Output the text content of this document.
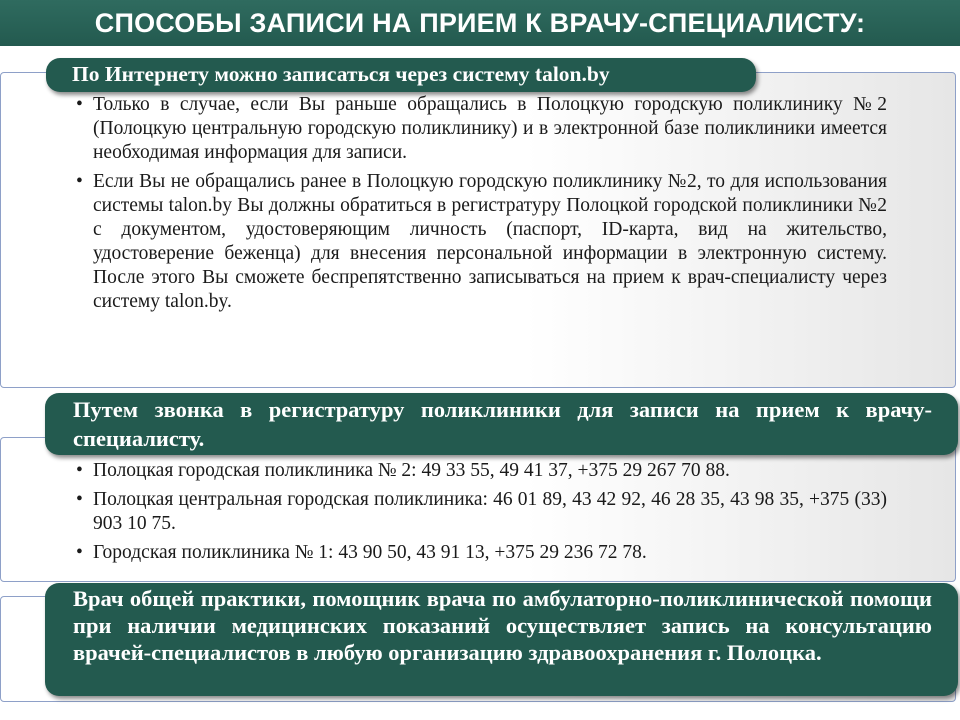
СПОСОБЫ ЗАПИСИ НА ПРИЕМ К ВРАЧУ-СПЕЦИАЛИСТУ:
По Интернету можно записаться через систему talon.by
• Только в случае, если Вы раньше обращались в Полоцкую городскую поликлинику №2 (Полоцкую центральную городскую поликлинику) и в электронной базе поликлиники имеется необходимая информация для записи.
• Если Вы не обращались ранее в Полоцкую городскую поликлинику №2, то для использования системы talon.by Вы должны обратиться в регистратуру Полоцкой городской поликлиники №2 с документом, удостоверяющим личность (паспорт, ID-карта, вид на жительство, удостоверение беженца) для внесения персональной информации в электронную систему. После этого Вы сможете беспрепятственно записываться на прием к врач-специалисту через систему talon.by.
Путем звонка в регистратуру поликлиники для записи на прием к врачу-специалисту.
• Полоцкая городская поликлиника № 2: 49 33 55, 49 41 37, +375 29 267 70 88.
• Полоцкая центральная городская поликлиника: 46 01 89, 43 42 92, 46 28 35, 43 98 35, +375 (33) 903 10 75.
• Городская поликлиника № 1: 43 90 50, 43 91 13, +375 29 236 72 78.
Врач общей практики, помощник врача по амбулаторно-поликлинической помощи при наличии медицинских показаний осуществляет запись на консультацию врачей-специалистов в любую организацию здравоохранения г. Полоцка.
